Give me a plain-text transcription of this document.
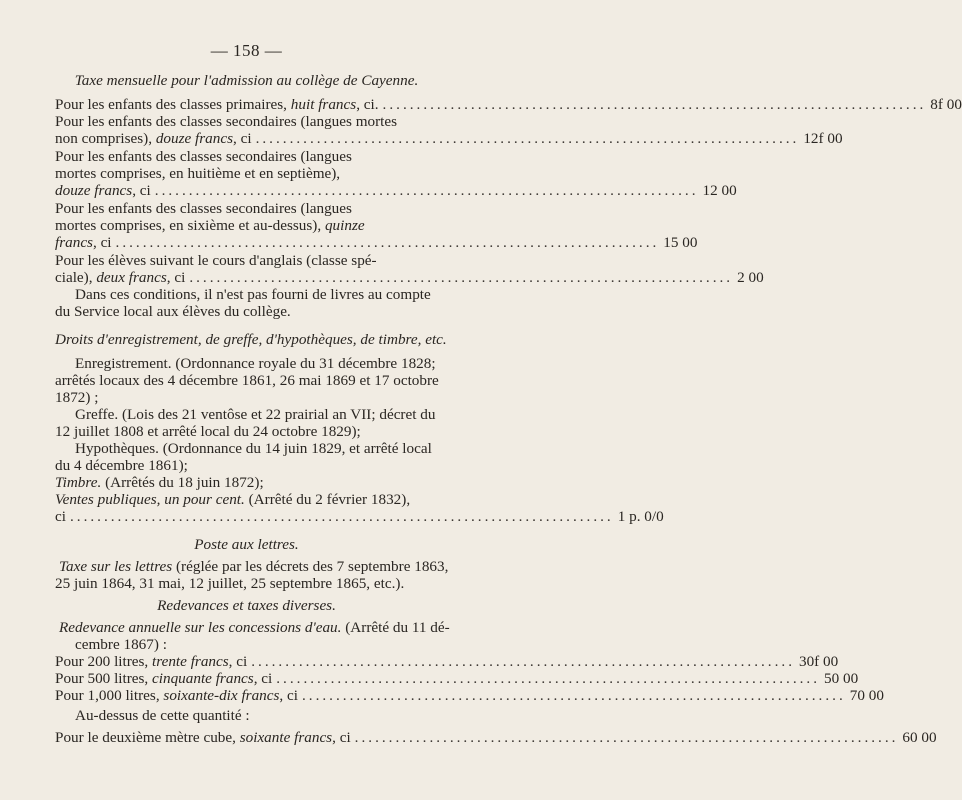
— 158 —
Taxe mensuelle pour l'admission au collège de Cayenne.
Pour les enfants des classes primaires, huit francs, ci. ................................................................................ 8f 00
Pour les enfants des classes secondaires (langues mortes
non comprises), douze francs, ci ................................................................................ 12f 00
Pour les enfants des classes secondaires (langues
mortes comprises, en huitième et en septième),
douze francs, ci ................................................................................ 12 00
Pour les enfants des classes secondaires (langues
mortes comprises, en sixième et au-dessus), quinze
francs, ci ................................................................................ 15 00
Pour les élèves suivant le cours d'anglais (classe spé-
ciale), deux francs, ci ................................................................................ 2 00
Dans ces conditions, il n'est pas fourni de livres au compte
du Service local aux élèves du collège.
Droits d'enregistrement, de greffe, d'hypothèques, de timbre, etc.
Enregistrement. (Ordonnance royale du 31 décembre 1828;
arrêtés locaux des 4 décembre 1861, 26 mai 1869 et 17 octobre
1872) ;
Greffe. (Lois des 21 ventôse et 22 prairial an VII; décret du
12 juillet 1808 et arrêté local du 24 octobre 1829);
Hypothèques. (Ordonnance du 14 juin 1829, et arrêté local
du 4 décembre 1861);
Timbre. (Arrêtés du 18 juin 1872);
Ventes publiques, un pour cent. (Arrêté du 2 février 1832),
ci ................................................................................ 1 p. 0/0
Poste aux lettres.
Taxe sur les lettres (réglée par les décrets des 7 septembre 1863,
25 juin 1864, 31 mai, 12 juillet, 25 septembre 1865, etc.).
Redevances et taxes diverses.
Redevance annuelle sur les concessions d'eau. (Arrêté du 11 dé-
cembre 1867) :
Pour 200 litres, trente francs, ci ................................................................................ 30f 00
Pour 500 litres, cinquante francs, ci ................................................................................ 50 00
Pour 1,000 litres, soixante-dix francs, ci ................................................................................ 70 00
Au-dessus de cette quantité :
Pour le deuxième mètre cube, soixante francs, ci ................................................................................ 60 00
